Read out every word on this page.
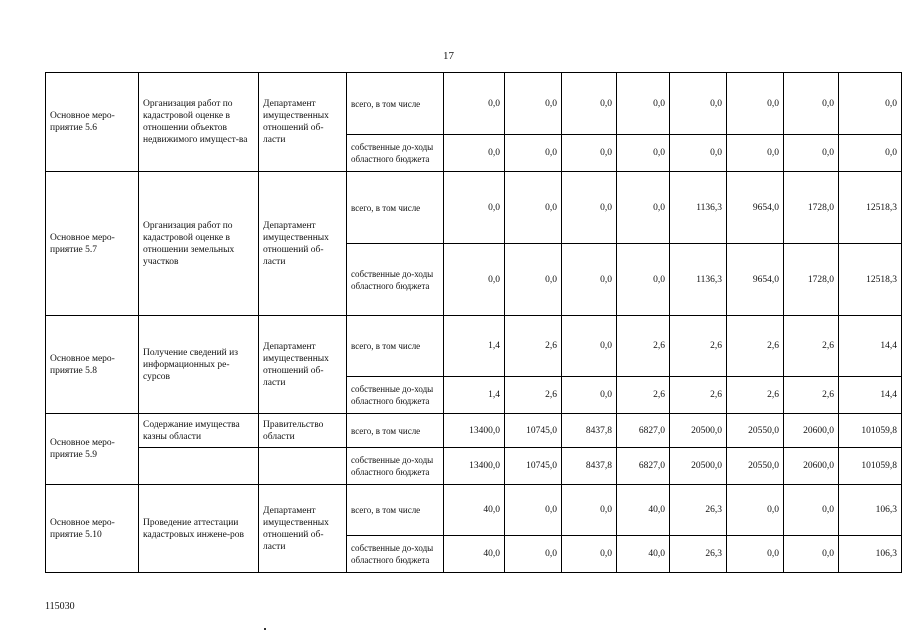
17
Основное меро-приятие 5.6	Организация работ по кадастровой оценке в отношении объектов недвижимого имущест-ва	Департамент имущественных отношений об-ласти	всего, в том числе	0,0	0,0	0,0	0,0	0,0	0,0	0,0	0,0
			собственные до-ходы областного бюджета	0,0	0,0	0,0	0,0	0,0	0,0	0,0	0,0
Основное меро-приятие 5.7	Организация работ по кадастровой оценке в отношении земельных участков	Департамент имущественных отношений об-ласти	всего, в том числе	0,0	0,0	0,0	0,0	1136,3	9654,0	1728,0	12518,3
			собственные до-ходы областного бюджета	0,0	0,0	0,0	0,0	1136,3	9654,0	1728,0	12518,3
Основное меро-приятие 5.8	Получение сведений из информационных ре-сурсов	Департамент имущественных отношений об-ласти	всего, в том числе	1,4	2,6	0,0	2,6	2,6	2,6	2,6	14,4
			собственные до-ходы областного бюджета	1,4	2,6	0,0	2,6	2,6	2,6	2,6	14,4
Основное меро-приятие 5.9	Содержание имущества казны области	Правительство области	всего, в том числе	13400,0	10745,0	8437,8	6827,0	20500,0	20550,0	20600,0	101059,8
			собственные до-ходы областного бюджета	13400,0	10745,0	8437,8	6827,0	20500,0	20550,0	20600,0	101059,8
Основное меро-приятие 5.10	Проведение аттестации кадастровых инжене-ров	Департамент имущественных отношений об-ласти	всего, в том числе	40,0	0,0	0,0	40,0	26,3	0,0	0,0	106,3
			собственные до-ходы областного бюджета	40,0	0,0	0,0	40,0	26,3	0,0	0,0	106,3
115030
